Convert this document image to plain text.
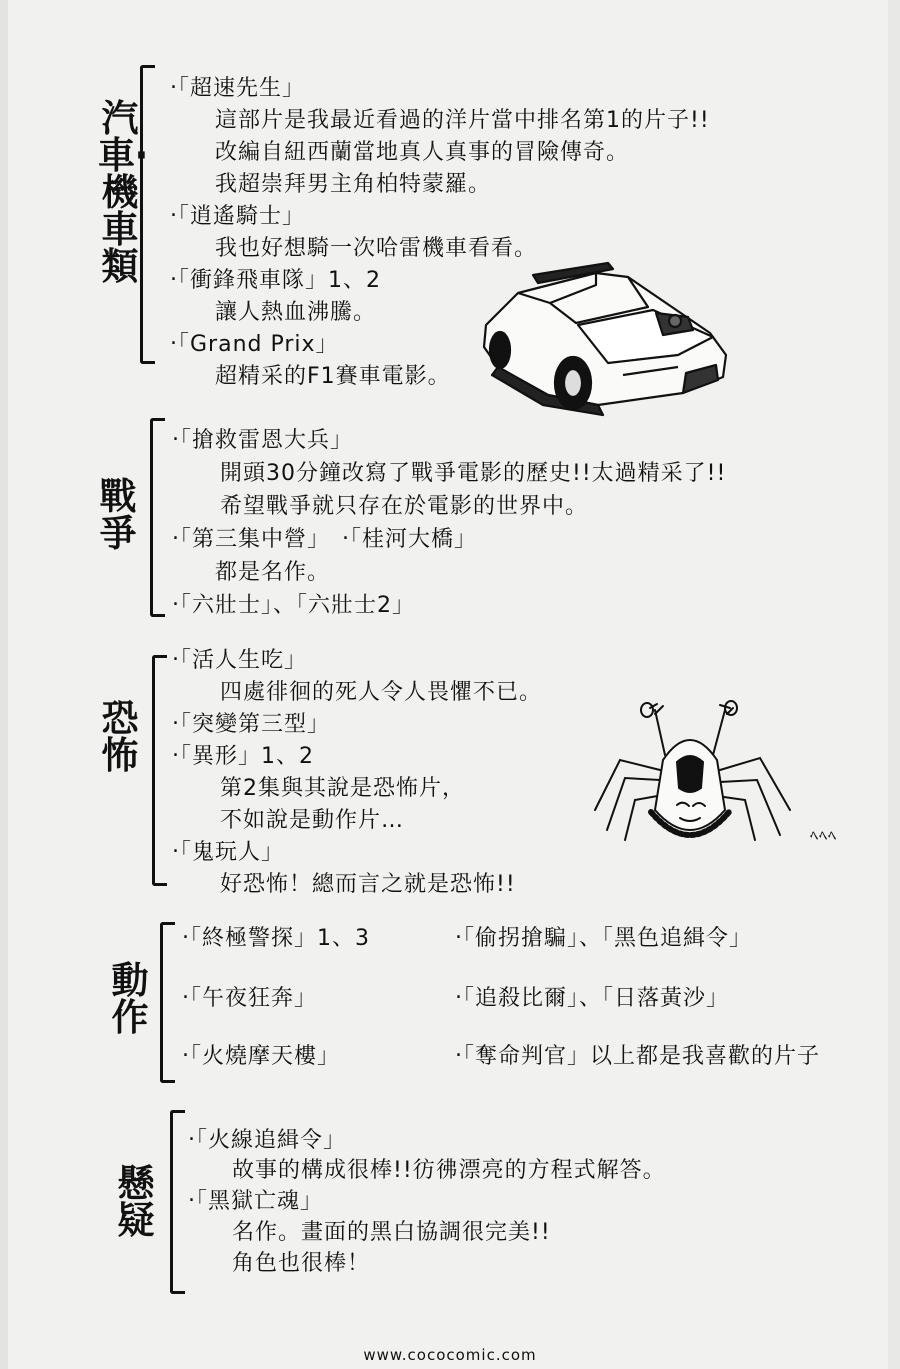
汽車‧機車類
‧「超速先生」
這部片是我最近看過的洋片當中排名第1的片子!!
改編自紐西蘭當地真人真事的冒險傳奇。
我超崇拜男主角柏特蒙羅。
‧「逍遙騎士」
我也好想騎一次哈雷機車看看。
‧「衝鋒飛車隊」1、2
讓人熱血沸騰。
‧「Grand Prix」
超精采的F1賽車電影。
戰爭
‧「搶救雷恩大兵」
開頭30分鐘改寫了戰爭電影的歷史!!太過精采了!!
希望戰爭就只存在於電影的世界中。
‧「第三集中營」　‧「桂河大橋」
都是名作。
‧「六壯士」、「六壯士2」
恐怖
‧「活人生吃」
四處徘徊的死人令人畏懼不已。
‧「突變第三型」
‧「異形」1、2
第2集與其說是恐怖片，
不如說是動作片…
‧「鬼玩人」
好恐怖！總而言之就是恐怖!!
ﾍﾍﾍ
動作
‧「終極警探」1、3	‧「偷拐搶騙」、「黑色追緝令」
‧「午夜狂奔」	‧「追殺比爾」、「日落黃沙」
‧「火燒摩天樓」	‧「奪命判官」以上都是我喜歡的片子
懸疑
‧「火線追緝令」
故事的構成很棒!!彷彿漂亮的方程式解答。
‧「黑獄亡魂」
名作。畫面的黑白協調很完美!!
角色也很棒！
www.cococomic.com
